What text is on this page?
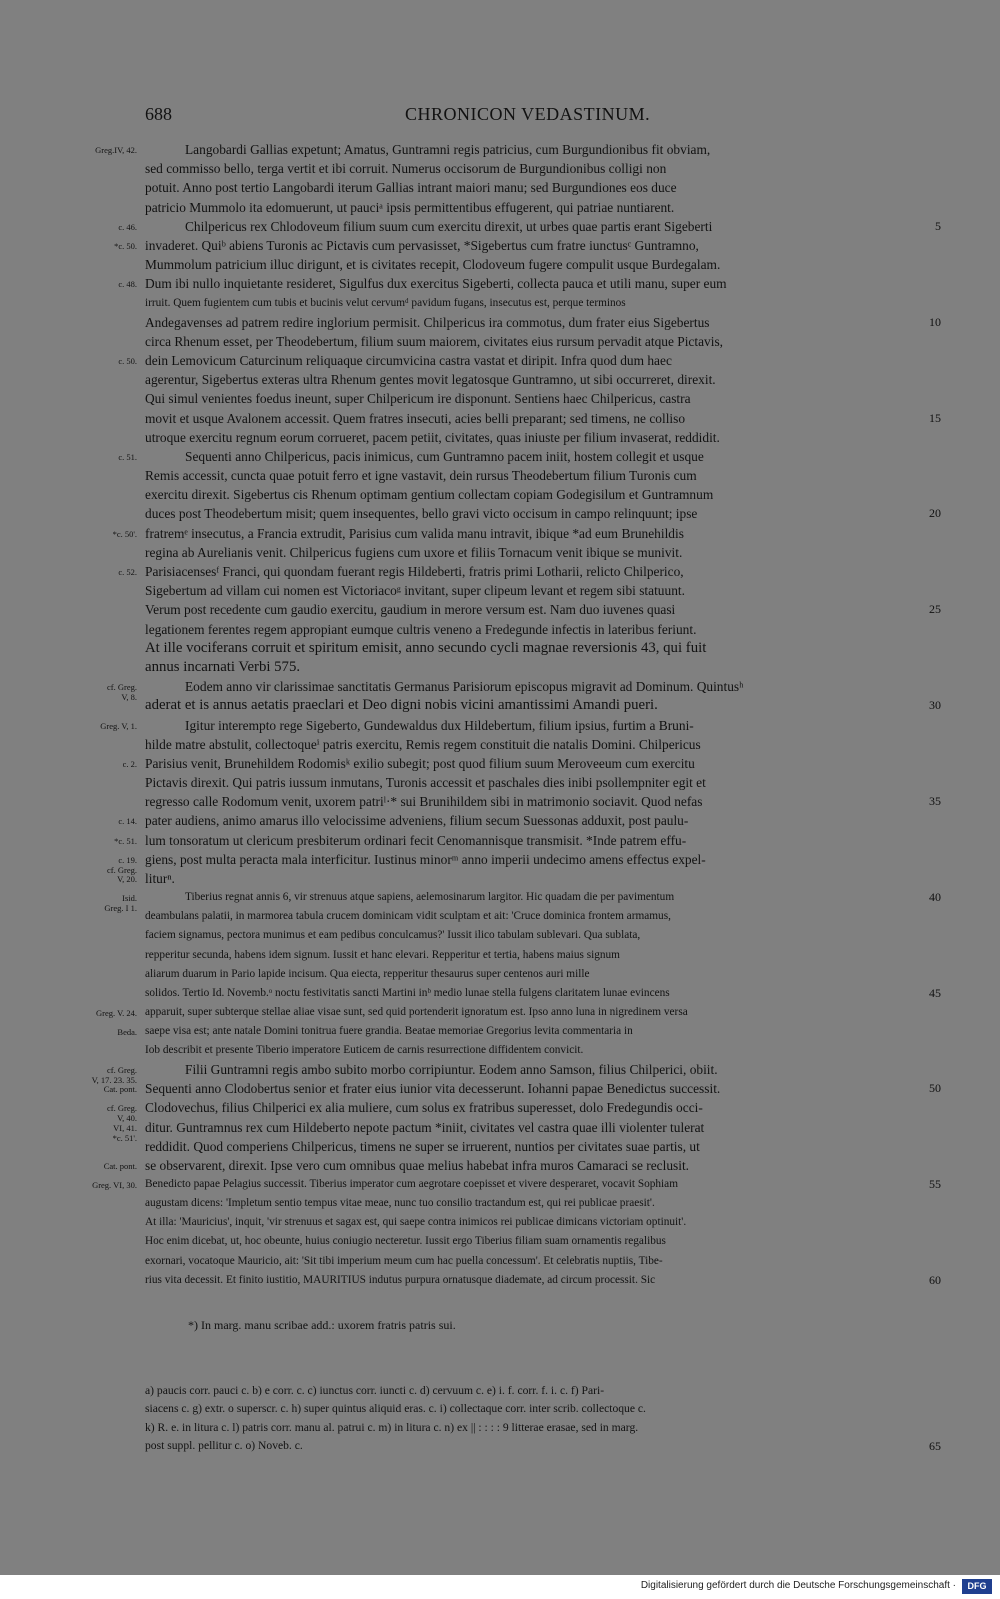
688	CHRONICON VEDASTINUM.
Langobardi Gallias expetunt; Amatus, Guntramni regis patricius, cum Burgundionibus fit obviam,
Greg.IV, 42.
sed commisso bello, terga vertit et ibi corruit. Numerus occisorum de Burgundionibus colligi non
potuit. Anno post tertio Langobardi iterum Gallias intrant maiori manu; sed Burgundiones eos duce
patricio Mummolo ita edomuerunt, ut pauciᵃ ipsis permittentibus effugerent, qui patriae nuntiarent.
Chilpericus rex Chlodoveum filium suum cum exercitu direxit, ut urbes quae partis erant Sigeberti
c. 46.	5
invaderet. Quiᵇ abiens Turonis ac Pictavis cum pervasisset, *Sigebertus cum fratre iunctusᶜ Guntramno,
*c. 50.
Mummolum patricium illuc dirigunt, et is civitates recepit, Clodoveum fugere compulit usque Burdegalam.
Dum ibi nullo inquietante resideret, Sigulfus dux exercitus Sigeberti, collecta pauca et utili manu, super eum
c. 48.
irruit. Quem fugientem cum tubis et bucinis velut cervumᵈ pavidum fugans, insecutus est, perque terminos
Andegavenses ad patrem redire inglorium permisit. Chilpericus ira commotus, dum frater eius Sigebertus	10
circa Rhenum esset, per Theodebertum, filium suum maiorem, civitates eius rursum pervadit atque Pictavis,
dein Lemovicum Caturcinum reliquaque circumvicina castra vastat et diripit. Infra quod dum haec
c. 50.
agerentur, Sigebertus exteras ultra Rhenum gentes movit legatosque Guntramno, ut sibi occurreret, direxit.
Qui simul venientes foedus ineunt, super Chilpericum ire disponunt. Sentiens haec Chilpericus, castra
movit et usque Avalonem accessit. Quem fratres insecuti, acies belli preparant; sed timens, ne colliso	15
utroque exercitu regnum eorum corrueret, pacem petiit, civitates, quas iniuste per filium invaserat, reddidit.
Sequenti anno Chilpericus, pacis inimicus, cum Guntramno pacem iniit, hostem collegit et usque
c. 51.
Remis accessit, cuncta quae potuit ferro et igne vastavit, dein rursus Theodebertum filium Turonis cum
exercitu direxit. Sigebertus cis Rhenum optimam gentium collectam copiam Godegisilum et Guntramnum
duces post Theodebertum misit; quem insequentes, bello gravi victo occisum in campo relinquunt; ipse	20
fratremᵉ insecutus, a Francia extrudit, Parisius cum valida manu intravit, ibique *ad eum Brunehildis
*c. 50'.
regina ab Aurelianis venit. Chilpericus fugiens cum uxore et filiis Tornacum venit ibique se munivit.
Parisiacensesᶠ Franci, qui quondam fuerant regis Hildeberti, fratris primi Lotharii, relicto Chilperico,
c. 52.
Sigebertum ad villam cui nomen est Victoriacoᵍ invitant, super clipeum levant et regem sibi statuunt.
Verum post recedente cum gaudio exercitu, gaudium in merore versum est. Nam duo iuvenes quasi	25
legationem ferentes regem appropiant eumque cultris veneno a Fredegunde infectis in lateribus feriunt.
At ille vociferans corruit et spiritum emisit, anno secundo cycli magnae reversionis 43, qui fuit
annus incarnati Verbi 575.
Eodem anno vir clarissimae sanctitatis Germanus Parisiorum episcopus migravit ad Dominum. Quintusʰ
cf. Greg.
V, 8.
aderat et is annus aetatis praeclari et Deo digni nobis vicini amantissimi Amandi pueri.	30
Igitur interempto rege Sigeberto, Gundewaldus dux Hildebertum, filium ipsius, furtim a Bruni-
Greg. V, 1.
hilde matre abstulit, collectoqueⁱ patris exercitu, Remis regem constituit die natalis Domini. Chilpericus
Parisius venit, Brunehildem Rodomisᵏ exilio subegit; post quod filium suum Meroveeum cum exercitu
c. 2.
Pictavis direxit. Qui patris iussum inmutans, Turonis accessit et paschales dies inibi psollempniter egit et
regresso calle Rodomum venit, uxorem patriˡ·* sui Brunihildem sibi in matrimonio sociavit. Quod nefas	35
pater audiens, animo amarus illo velocissime adveniens, filium secum Suessonas adduxit, post paulu-
c. 14.
lum tonsoratum ut clericum presbiterum ordinari fecit Cenomannisque transmisit. *Inde patrem effu-
*c. 51.
giens, post multa peracta mala interficitur. Iustinus minorᵐ anno imperii undecimo amens effectus expel-
c. 19.
cf. Greg.
liturⁿ.
V, 20.
Tiberius regnat annis 6, vir strenuus atque sapiens, aelemosinarum largitor. Hic quadam die per pavimentum
Isid.
Greg. I 1.
40
deambulans palatii, in marmorea tabula crucem dominicam vidit sculptam et ait: 'Cruce dominica frontem armamus,
faciem signamus, pectora munimus et eam pedibus conculcamus?' Iussit ilico tabulam sublevari. Qua sublata,
repperitur secunda, habens idem signum. Iussit et hanc elevari. Repperitur et tertia, habens maius signum
aliarum duarum in Pario lapide incisum. Qua eiecta, repperitur thesaurus super centenos auri mille
solidos. Tertio Id. Novemb.ᵒ noctu festivitatis sancti Martini inᵇ medio lunae stella fulgens claritatem lunae evincens	45
apparuit, super subterque stellae aliae visae sunt, sed quid portenderit ignoratum est. Ipso anno luna in nigredinem versa
Greg. V. 24.
saepe visa est; ante natale Domini tonitrua fuere grandia. Beatae memoriae Gregorius levita commentaria in
Beda.
Iob describit et presente Tiberio imperatore Euticem de carnis resurrectione diffidentem convicit.
Filii Guntramni regis ambo subito morbo corripiuntur. Eodem anno Samson, filius Chilperici, obiit.
cf. Greg.
V, 17. 23. 35.
Sequenti anno Clodobertus senior et frater eius iunior vita decesserunt. Iohanni papae Benedictus successit.
Cat. pont.	50
Clodovechus, filius Chilperici ex alia muliere, cum solus ex fratribus superesset, dolo Fredegundis occi-
cf. Greg.
V, 40.
ditur. Guntramnus rex cum Hildeberto nepote pactum *iniit, civitates vel castra quae illi violenter tulerat
VI, 41.
*c. 51'.
reddidit. Quod comperiens Chilpericus, timens ne super se irruerent, nuntios per civitates suae partis, ut
se observarent, direxit. Ipse vero cum omnibus quae melius habebat infra muros Camaraci se reclusit.
Cat. pont.
Benedicto papae Pelagius successit. Tiberius imperator cum aegrotare coepisset et vivere desperaret, vocavit Sophiam
Greg. VI, 30.	55
augustam dicens: 'Impletum sentio tempus vitae meae, nunc tuo consilio tractandum est, qui rei publicae praesit'.
At illa: 'Mauricius', inquit, 'vir strenuus et sagax est, qui saepe contra inimicos rei publicae dimicans victoriam optinuit'.
Hoc enim dicebat, ut, hoc obeunte, huius coniugio necteretur. Iussit ergo Tiberius filiam suam ornamentis regalibus
exornari, vocatoque Mauricio, ait: 'Sit tibi imperium meum cum hac puella concessum'. Et celebratis nuptiis, Tibe-
rius vita decessit. Et finito iustitio, MAURITIUS indutus purpura ornatusque diademate, ad circum processit. Sic	60
*) In marg. manu scribae add.: uxorem fratris patris sui.
a) paucis corr. pauci c. b) e corr. c. c) iunctus corr. iuncti c. d) cervuum c. e) i. f. corr. f. i. c. f) Pari-
siacens c. g) extr. o superscr. c. h) super quintus aliquid eras. c. i) collectaque corr. inter scrib. collectoque c.
k) R. e. in litura c. l) patris corr. manu al. patrui c. m) in litura c. n) ex || : : : : 9 litterae erasae, sed in marg.
post suppl. pellitur c. o) Noveb. c.	65
Digitalisierung gefördert durch die Deutsche Forschungsgemeinschaft ·	DFG
